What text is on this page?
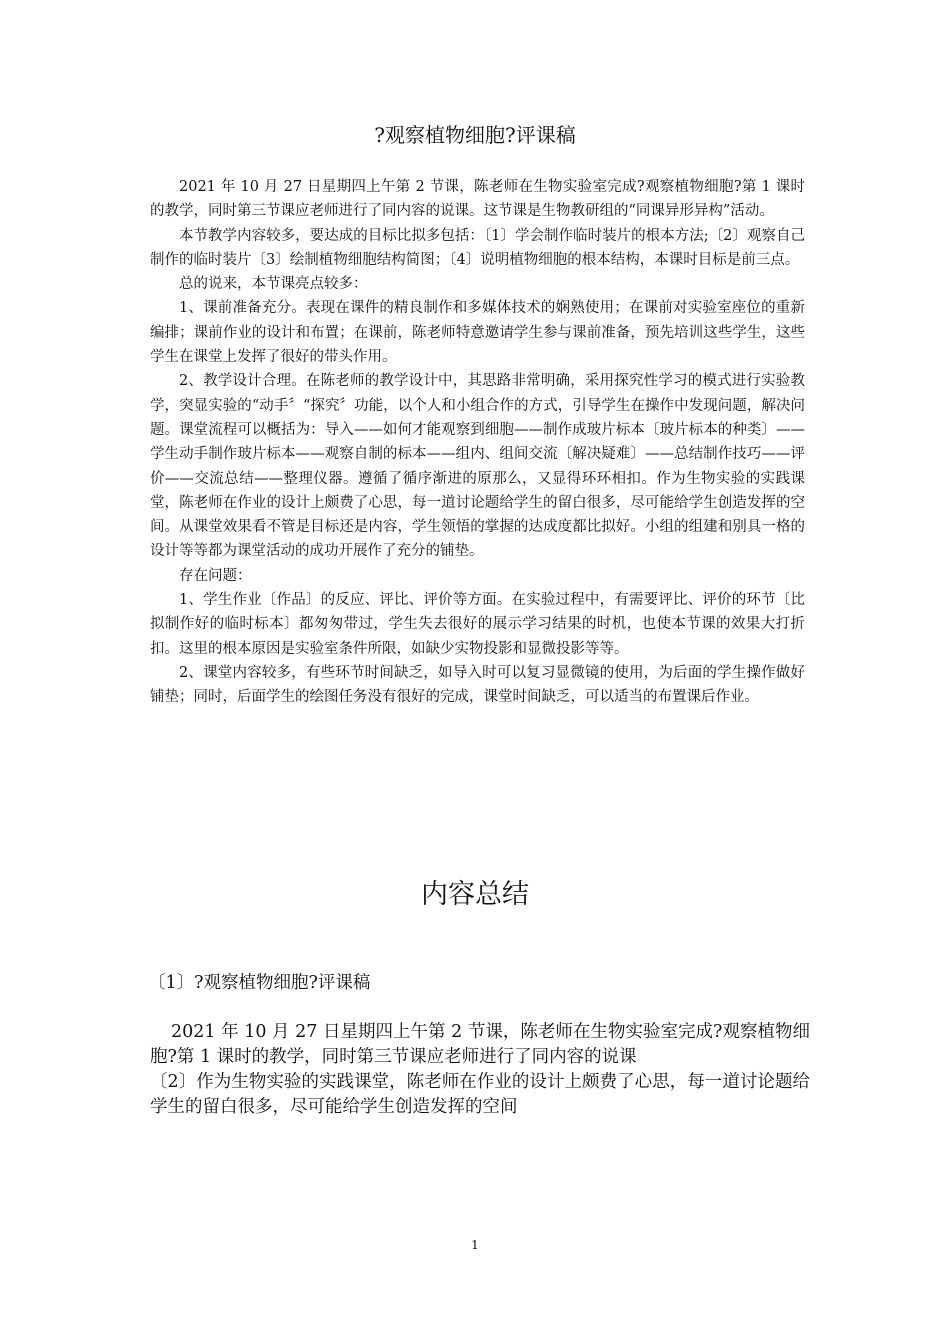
?观察植物细胞?评课稿

2021 年 10 月 27 日星期四上午第 2 节课，陈老师在生物实验室完成?观察植物细胞?第 1 课时的教学，同时第三节课应老师进行了同内容的说课。这节课是生物教研组的“同课异形异构”活动。

本节教学内容较多，要达成的目标比拟多包括：〔1〕学会制作临时装片的根本方法;〔2〕观察自己制作的临时装片〔3〕绘制植物细胞结构简图；〔4〕说明植物细胞的根本结构，本课时目标是前三点。

总的说来，本节课亮点较多：

1、课前准备充分。表现在课件的精良制作和多媒体技术的娴熟使用；在课前对实验室座位的重新编排；课前作业的设计和布置；在课前，陈老师特意邀请学生参与课前准备，预先培训这些学生，这些学生在课堂上发挥了很好的带头作用。

2、教学设计合理。在陈老师的教学设计中，其思路非常明确，采用探究性学习的模式进行实验教学，突显实验的“动手〞“探究〞功能，以个人和小组合作的方式，引导学生在操作中发现问题，解决问题。课堂流程可以概括为：导入——如何才能观察到细胞——制作成玻片标本〔玻片标本的种类〕——学生动手制作玻片标本——观察自制的标本——组内、组间交流〔解决疑难〕——总结制作技巧——评价——交流总结——整理仪器。遵循了循序渐进的原那么，又显得环环相扣。作为生物实验的实践课堂，陈老师在作业的设计上颇费了心思，每一道讨论题给学生的留白很多，尽可能给学生创造发挥的空间。从课堂效果看不管是目标还是内容，学生领悟的掌握的达成度都比拟好。小组的组建和别具一格的设计等等都为课堂活动的成功开展作了充分的铺垫。

存在问题：

1、学生作业〔作品〕的反应、评比、评价等方面。在实验过程中，有需要评比、评价的环节〔比拟制作好的临时标本〕都匆匆带过，学生失去很好的展示学习结果的时机，也使本节课的效果大打折扣。这里的根本原因是实验室条件所限，如缺少实物投影和显微投影等等。

2、课堂内容较多，有些环节时间缺乏，如导入时可以复习显微镜的使用，为后面的学生操作做好铺垫；同时，后面学生的绘图任务没有很好的完成，课堂时间缺乏，可以适当的布置课后作业。

内容总结

〔1〕?观察植物细胞?评课稿

2021 年 10 月 27 日星期四上午第 2 节课，陈老师在生物实验室完成?观察植物细胞?第 1 课时的教学，同时第三节课应老师进行了同内容的说课

〔2〕作为生物实验的实践课堂，陈老师在作业的设计上颇费了心思，每一道讨论题给学生的留白很多，尽可能给学生创造发挥的空间

1
